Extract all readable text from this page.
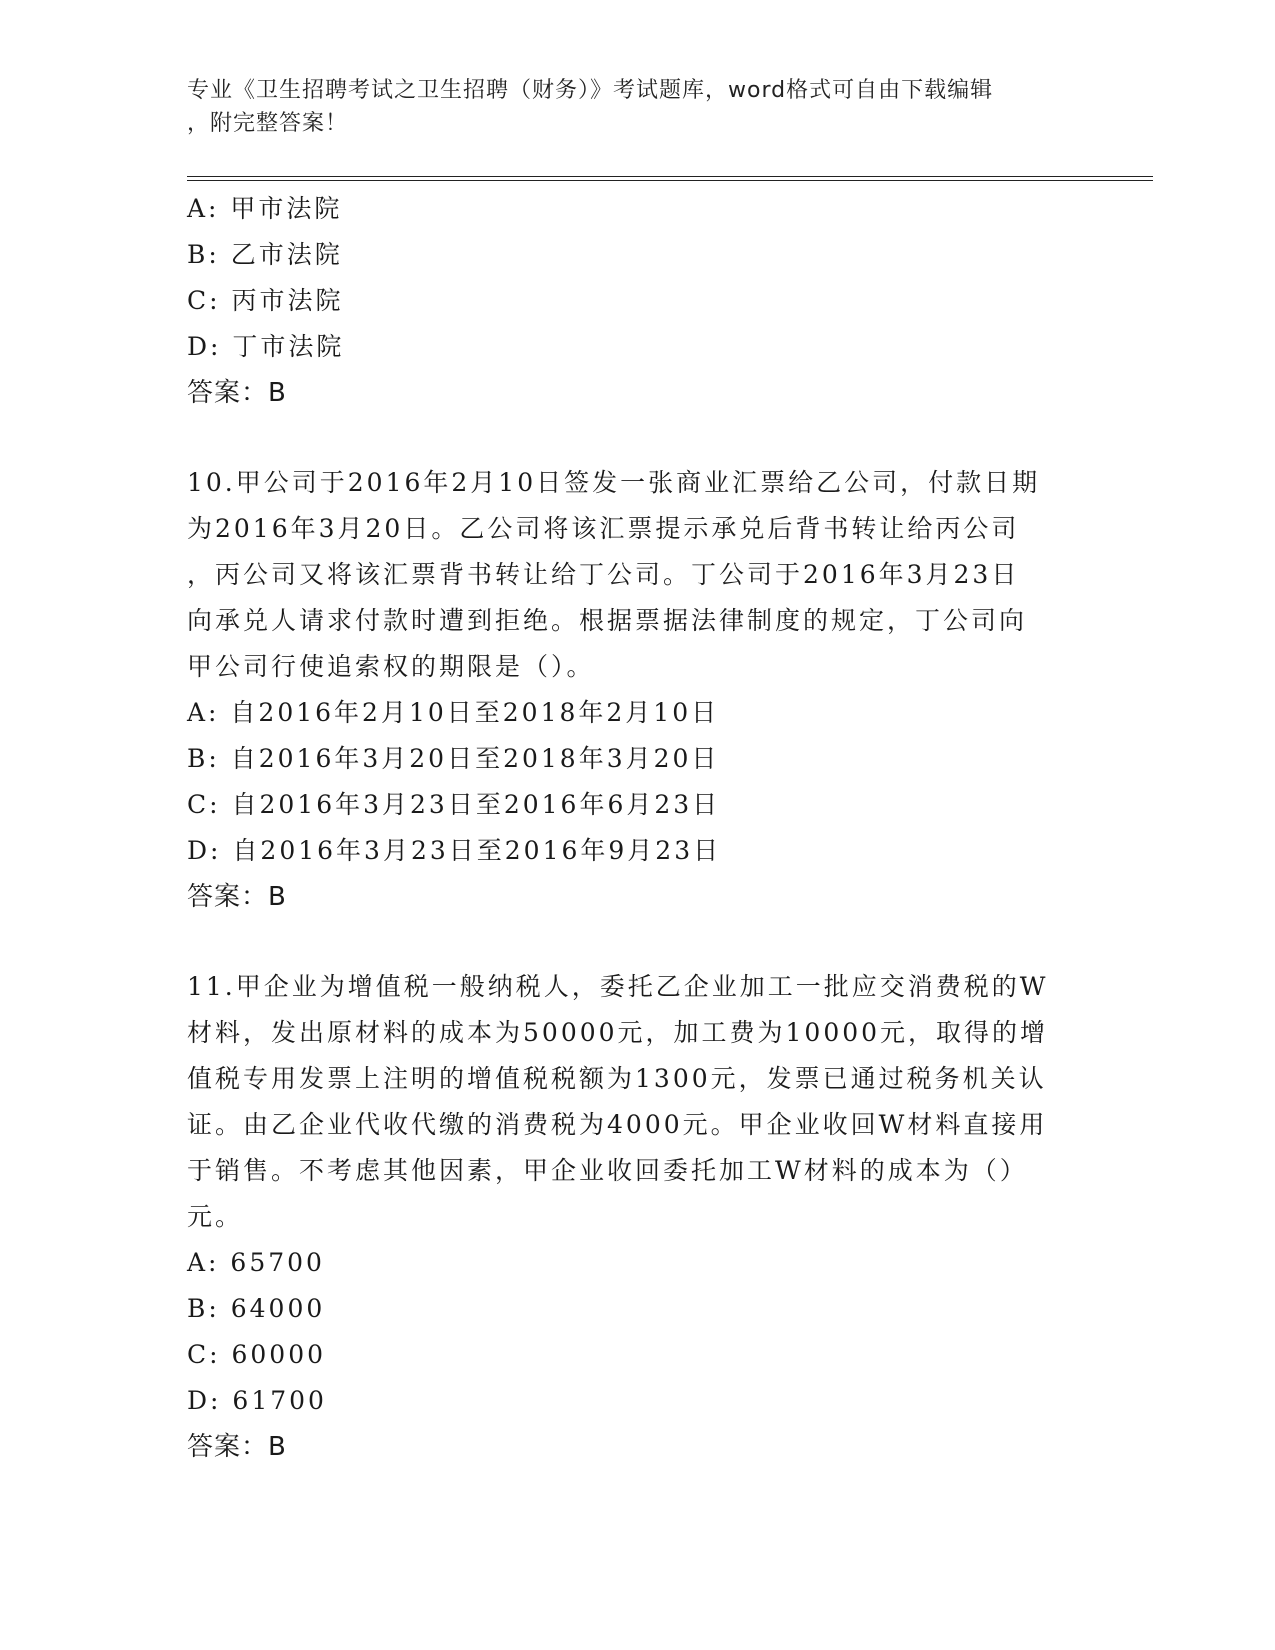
专业《卫生招聘考试之卫生招聘（财务）》考试题库，word格式可自由下载编辑
，附完整答案！
A: 甲市法院
B: 乙市法院
C: 丙市法院
D: 丁市法院
答案：B

10.甲公司于2016年2月10日签发一张商业汇票给乙公司，付款日期

为2016年3月20日。乙公司将该汇票提示承兑后背书转让给丙公司

，丙公司又将该汇票背书转让给丁公司。丁公司于2016年3月23日

向承兑人请求付款时遭到拒绝。根据票据法律制度的规定，丁公司向

甲公司行使追索权的期限是（）。

A: 自2016年2月10日至2018年2月10日
B: 自2016年3月20日至2018年3月20日
C: 自2016年3月23日至2016年6月23日
D: 自2016年3月23日至2016年9月23日
答案：B

11.甲企业为增值税一般纳税人，委托乙企业加工一批应交消费税的W

材料，发出原材料的成本为50000元，加工费为10000元，取得的增

值税专用发票上注明的增值税税额为1300元，发票已通过税务机关认

证。由乙企业代收代缴的消费税为4000元。甲企业收回W材料直接用

于销售。不考虑其他因素，甲企业收回委托加工W材料的成本为（）

元。

A: 65700
B: 64000
C: 60000
D: 61700
答案：B
